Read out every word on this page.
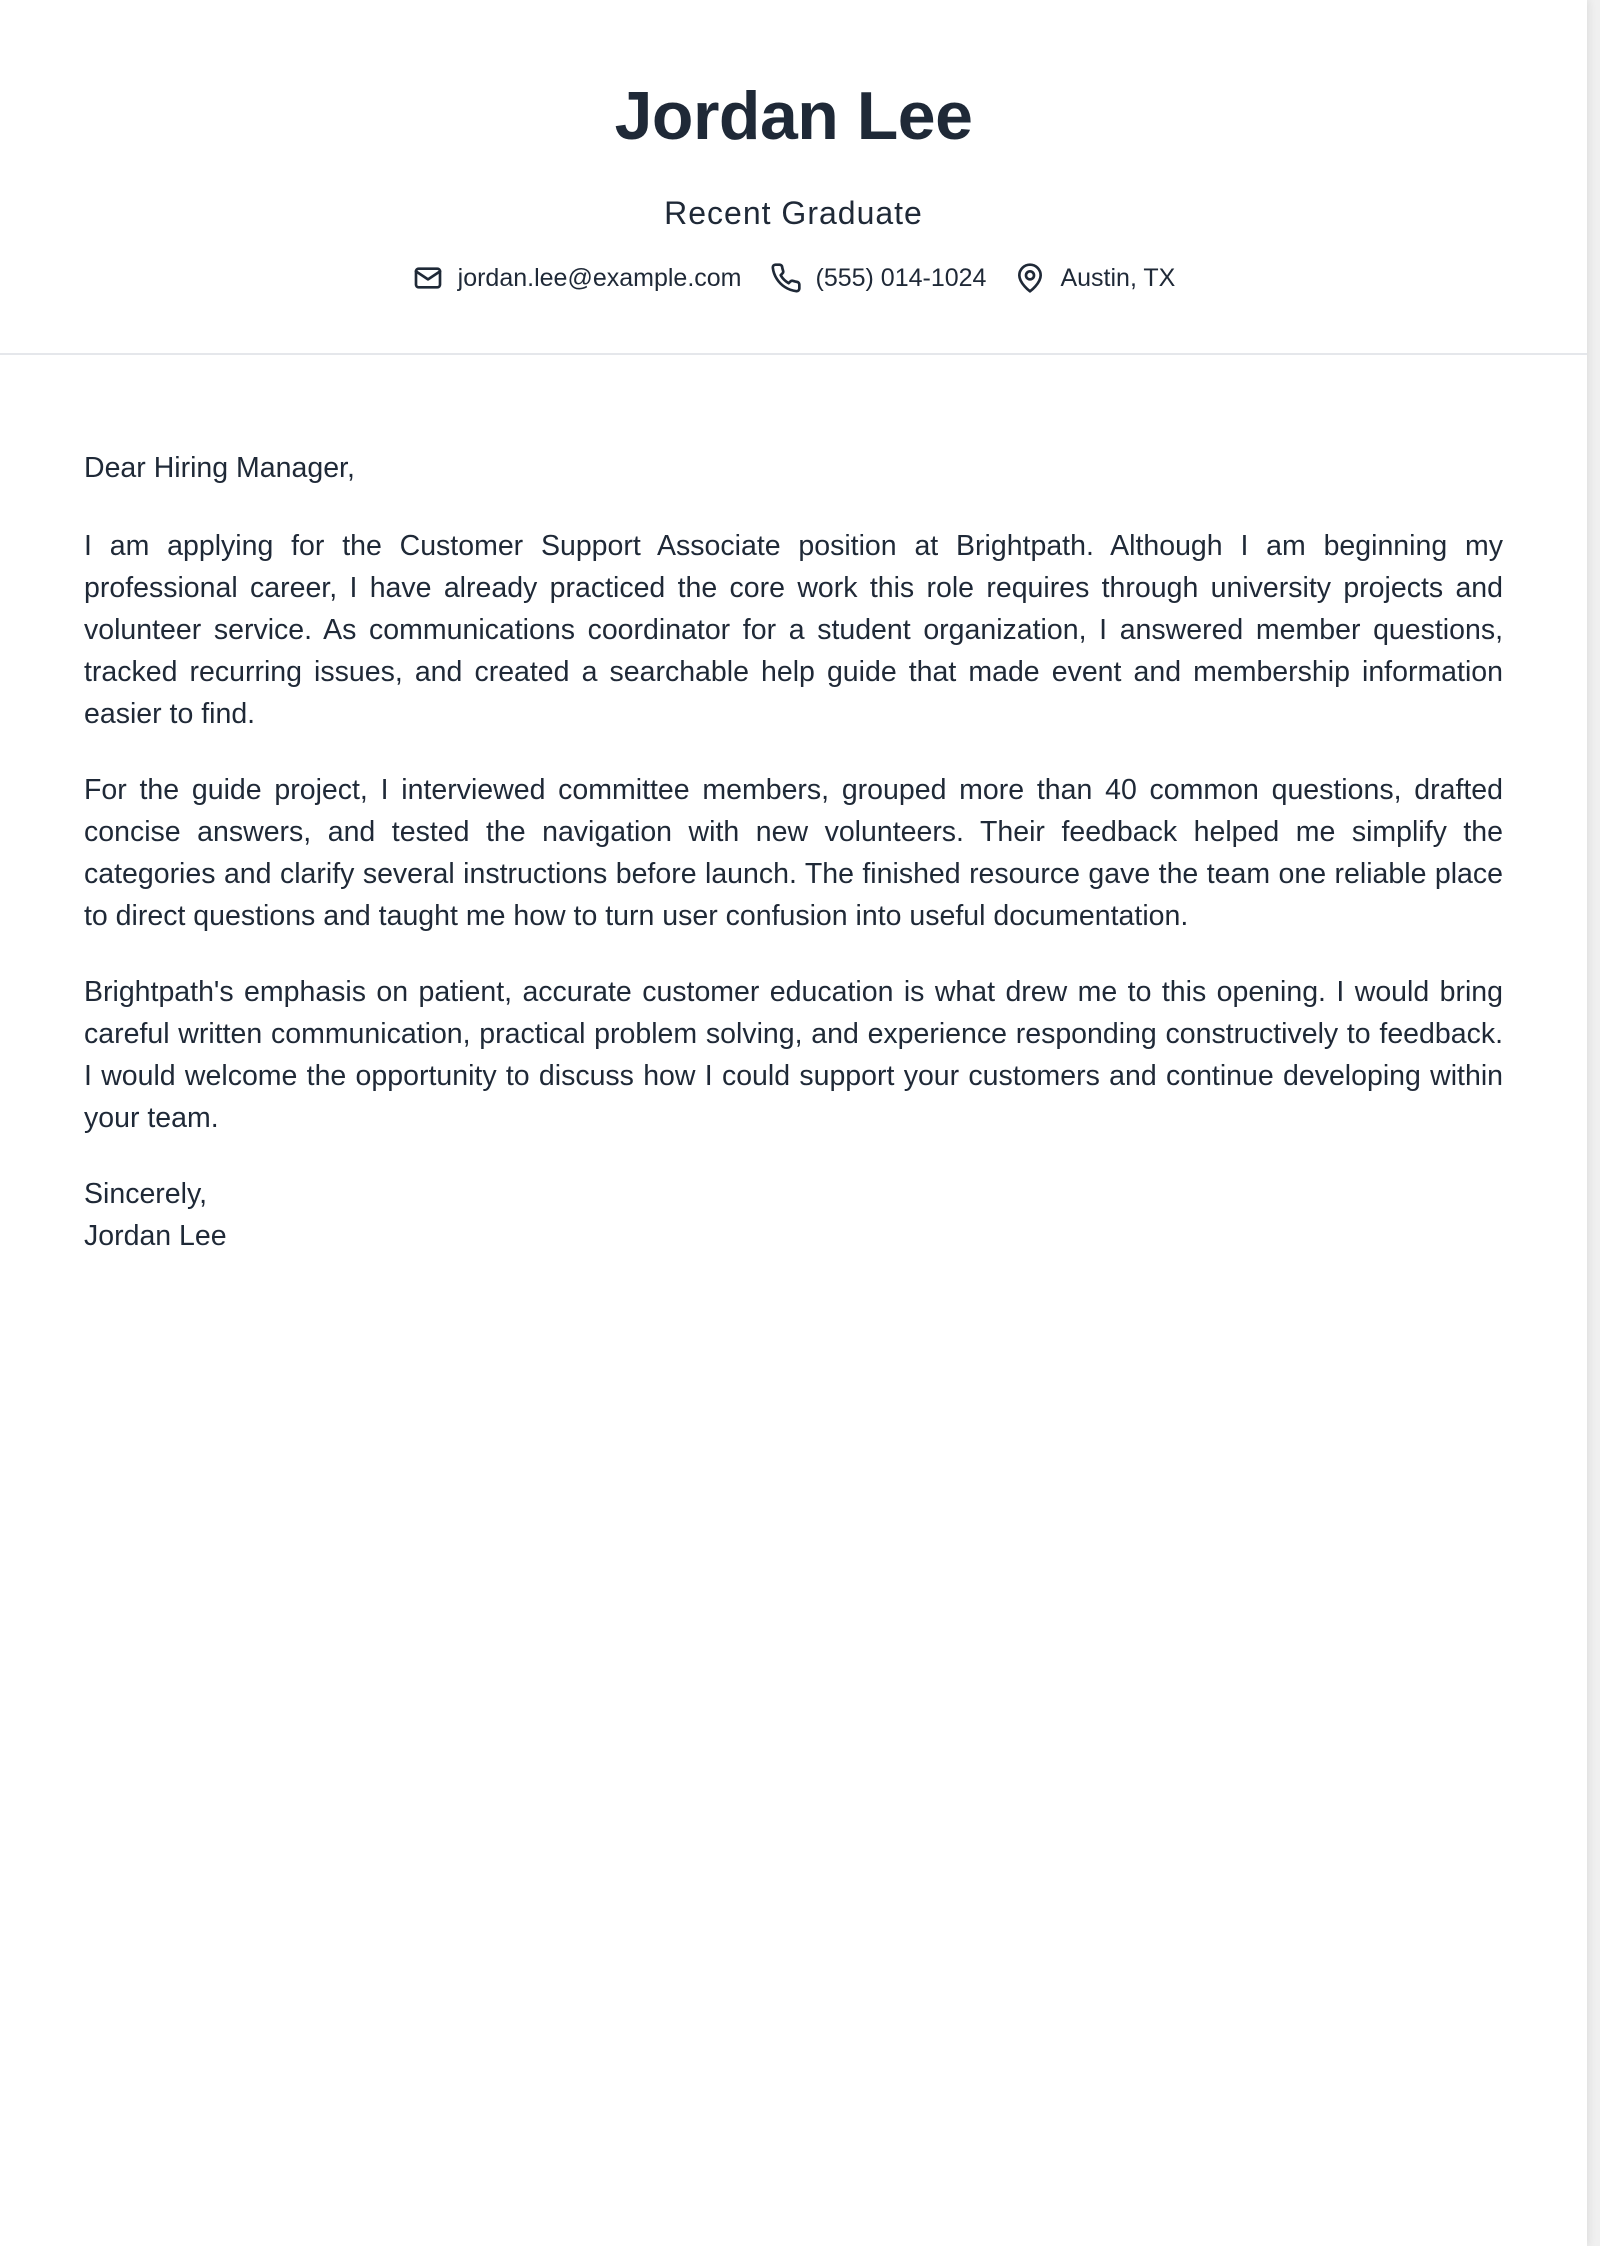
Jordan Lee
Recent Graduate
jordan.lee@example.com	(555) 014-1024	Austin, TX

Dear Hiring Manager,

I am applying for the Customer Support Associate position at Brightpath. Although I am beginning my professional career, I have already practiced the core work this role requires through university projects and volunteer service. As communications coordinator for a student organization, I answered member questions, tracked recurring issues, and created a searchable help guide that made event and membership information easier to find.

For the guide project, I interviewed committee members, grouped more than 40 common questions, drafted concise answers, and tested the navigation with new volunteers. Their feedback helped me simplify the categories and clarify several instructions before launch. The finished resource gave the team one reliable place to direct questions and taught me how to turn user confusion into useful documentation.

Brightpath's emphasis on patient, accurate customer education is what drew me to this opening. I would bring careful written communication, practical problem solving, and experience responding constructively to feedback. I would welcome the opportunity to discuss how I could support your customers and continue developing within your team.

Sincerely,
Jordan Lee
